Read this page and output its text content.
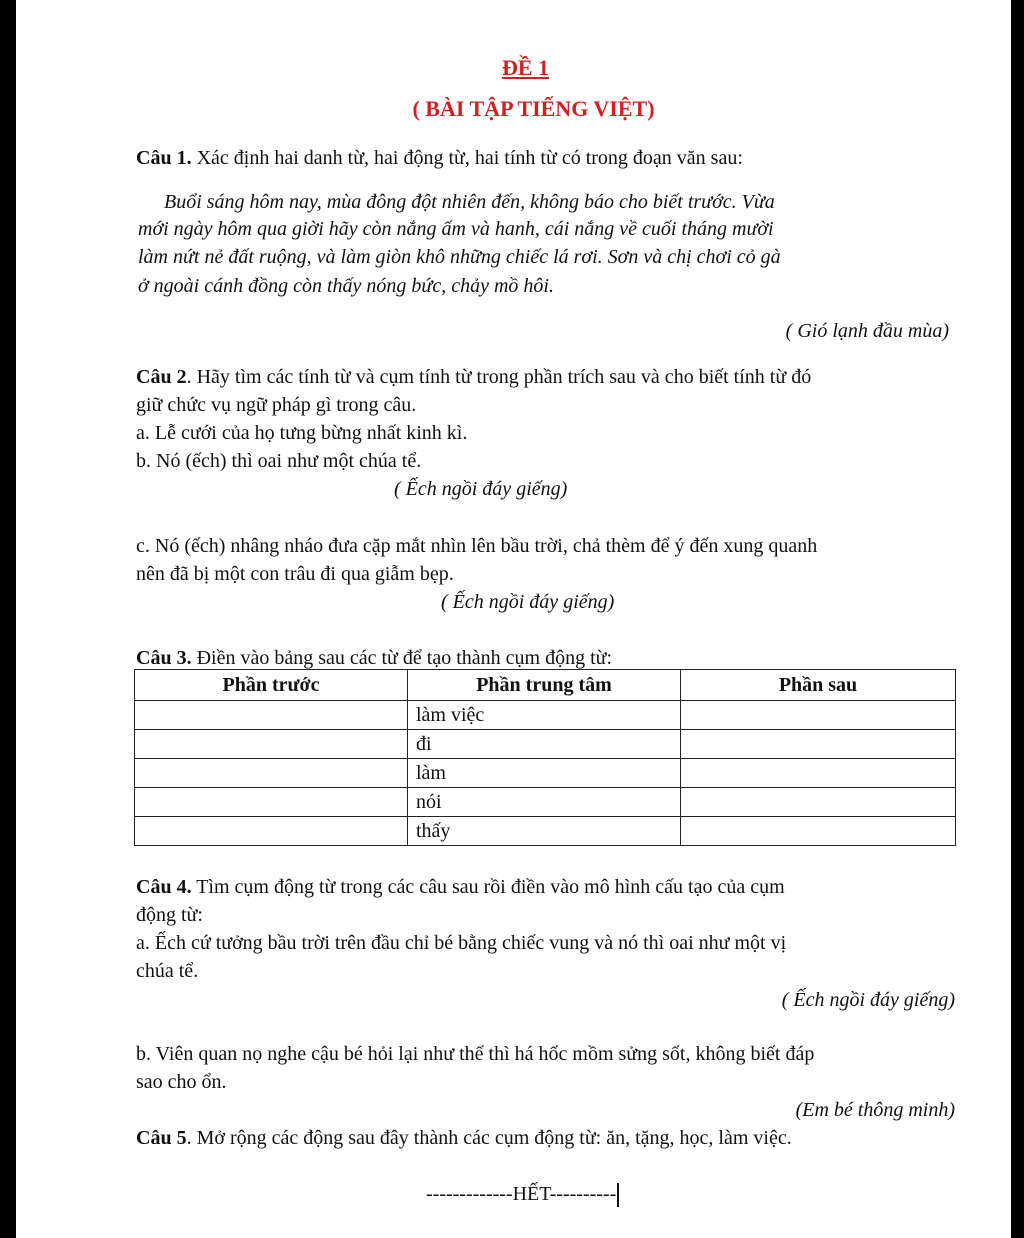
ĐỀ 1
( BÀI TẬP TIẾNG VIỆT)

Câu 1. Xác định hai danh từ, hai động từ, hai tính từ có trong đoạn văn sau:

Buổi sáng hôm nay, mùa đông đột nhiên đến, không báo cho biết trước. Vừa

mới ngày hôm qua giời hãy còn nắng ấm và hanh, cái nắng về cuối tháng mười

làm nứt nẻ đất ruộng, và làm giòn khô những chiếc lá rơi. Sơn và chị chơi cỏ gà

ở ngoài cánh đồng còn thấy nóng bức, chảy mồ hôi.

( Gió lạnh đầu mùa)

Câu 2. Hãy tìm các tính từ và cụm tính từ trong phần trích sau và cho biết tính từ đó

giữ chức vụ ngữ pháp gì trong câu.

a. Lễ cưới của họ tưng bừng nhất kinh kì.

b. Nó (ếch) thì oai như một chúa tể.

( Ếch ngồi đáy giếng)

c. Nó (ếch) nhâng nháo đưa cặp mắt nhìn lên bầu trời, chả thèm để ý đến xung quanh

nên đã bị một con trâu đi qua giẫm bẹp.

( Ếch ngồi đáy giếng)

Câu 3. Điền vào bảng sau các từ để tạo thành cụm động từ:

Phần trước	Phần trung tâm	Phần sau
	làm việc	
	đi	
	làm	
	nói	
	thấy	

Câu 4. Tìm cụm động từ trong các câu sau rồi điền vào mô hình cấu tạo của cụm

động từ:

a. Ếch cứ tưởng bầu trời trên đầu chỉ bé bằng chiếc vung và nó thì oai như một vị

chúa tể.

( Ếch ngồi đáy giếng)

b. Viên quan nọ nghe cậu bé hỏi lại như thế thì há hốc mồm sửng sốt, không biết đáp

sao cho ổn.

(Em bé thông minh)

Câu 5. Mở rộng các động sau đây thành các cụm động từ: ăn, tặng, học, làm việc.

-------------HẾT----------
